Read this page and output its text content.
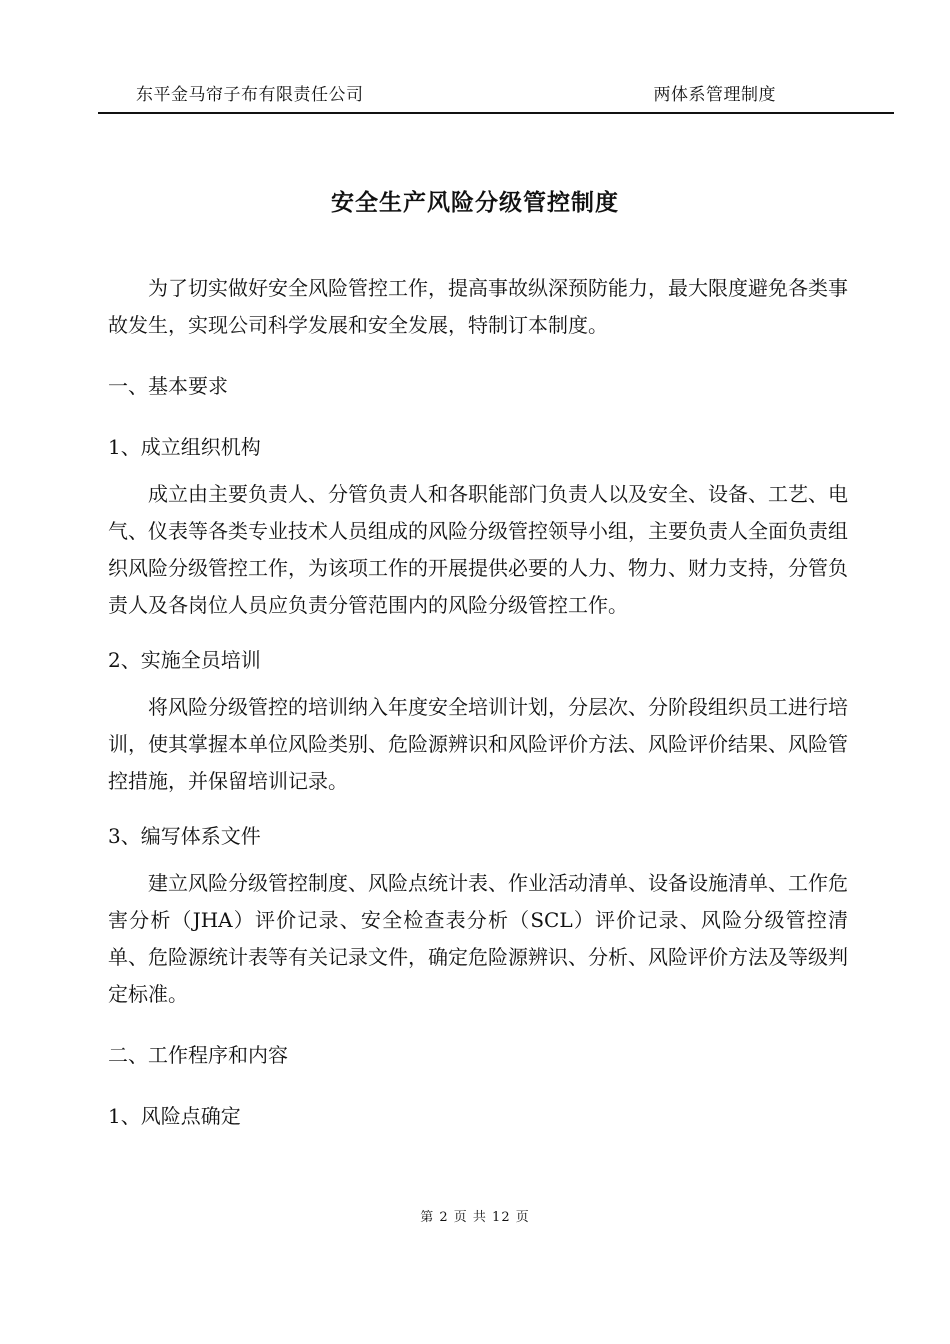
东平金马帘子布有限责任公司	两体系管理制度
安全生产风险分级管控制度

为了切实做好安全风险管控工作，提高事故纵深预防能力，最大限度避免各类事故发生，实现公司科学发展和安全发展，特制订本制度。

一、基本要求

1、成立组织机构

成立由主要负责人、分管负责人和各职能部门负责人以及安全、设备、工艺、电气、仪表等各类专业技术人员组成的风险分级管控领导小组，主要负责人全面负责组织风险分级管控工作，为该项工作的开展提供必要的人力、物力、财力支持，分管负责人及各岗位人员应负责分管范围内的风险分级管控工作。

2、实施全员培训

将风险分级管控的培训纳入年度安全培训计划，分层次、分阶段组织员工进行培训，使其掌握本单位风险类别、危险源辨识和风险评价方法、风险评价结果、风险管控措施，并保留培训记录。

3、编写体系文件

建立风险分级管控制度、风险点统计表、作业活动清单、设备设施清单、工作危害分析（JHA）评价记录、安全检查表分析（SCL）评价记录、风险分级管控清单、危险源统计表等有关记录文件，确定危险源辨识、分析、风险评价方法及等级判定标准。

二、工作程序和内容

1、风险点确定

第 2 页 共 12 页
